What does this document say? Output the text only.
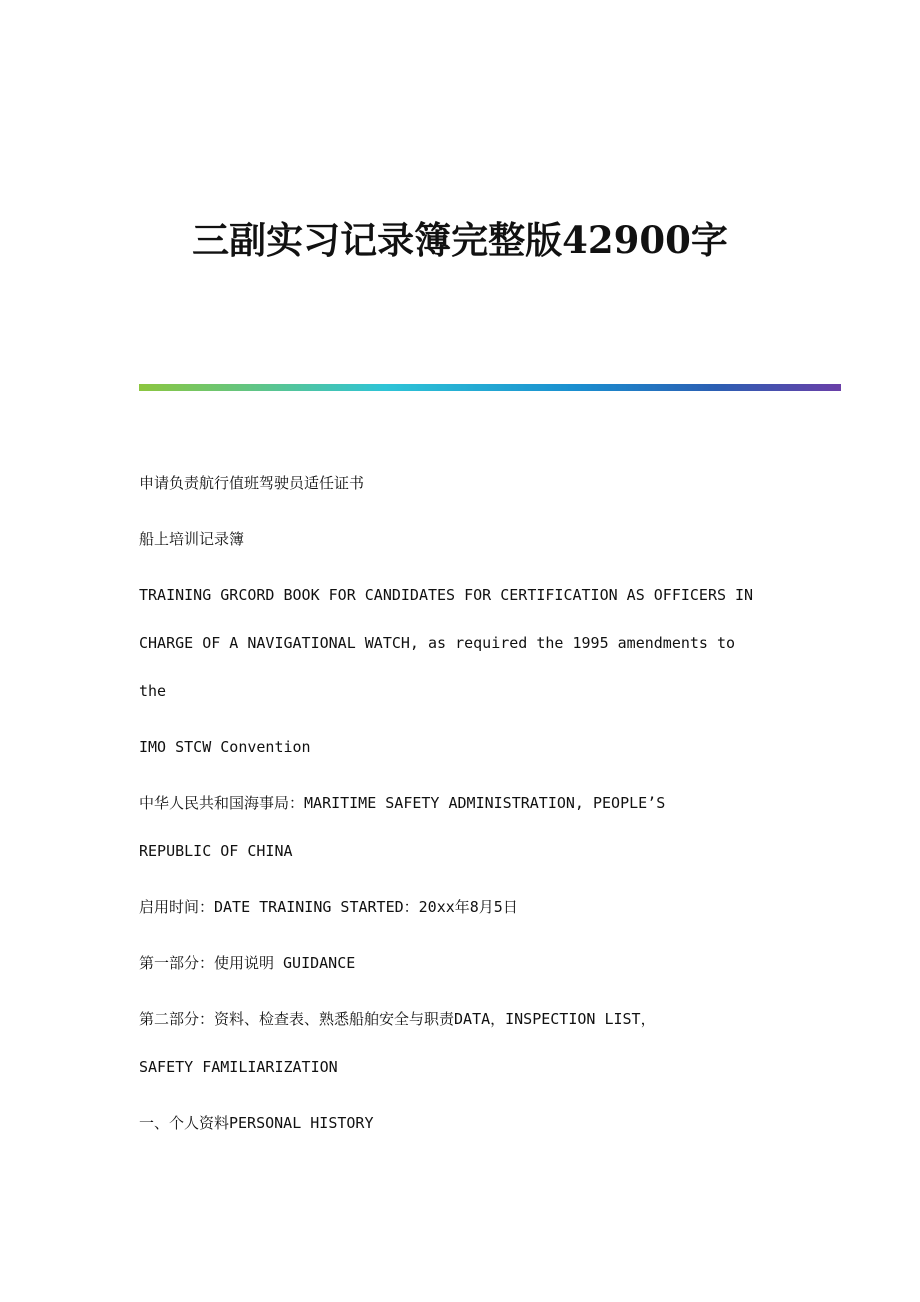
三副实习记录簿完整版42900字

申请负责航行值班驾驶员适任证书

船上培训记录簿

TRAINING GRCORD BOOK FOR CANDIDATES FOR CERTIFICATION AS OFFICERS IN

CHARGE OF A NAVIGATIONAL WATCH, as required the 1995 amendments to

the

IMO STCW Convention

中华人民共和国海事局：MARITIME SAFETY ADMINISTRATION, PEOPLE’S

REPUBLIC OF CHINA

启用时间：DATE TRAINING STARTED：20xx年8月5日

第一部分：使用说明 GUIDANCE

第二部分：资料、检查表、熟悉船舶安全与职责DATA，INSPECTION LIST，

SAFETY FAMILIARIZATION

一、个人资料PERSONAL HISTORY
